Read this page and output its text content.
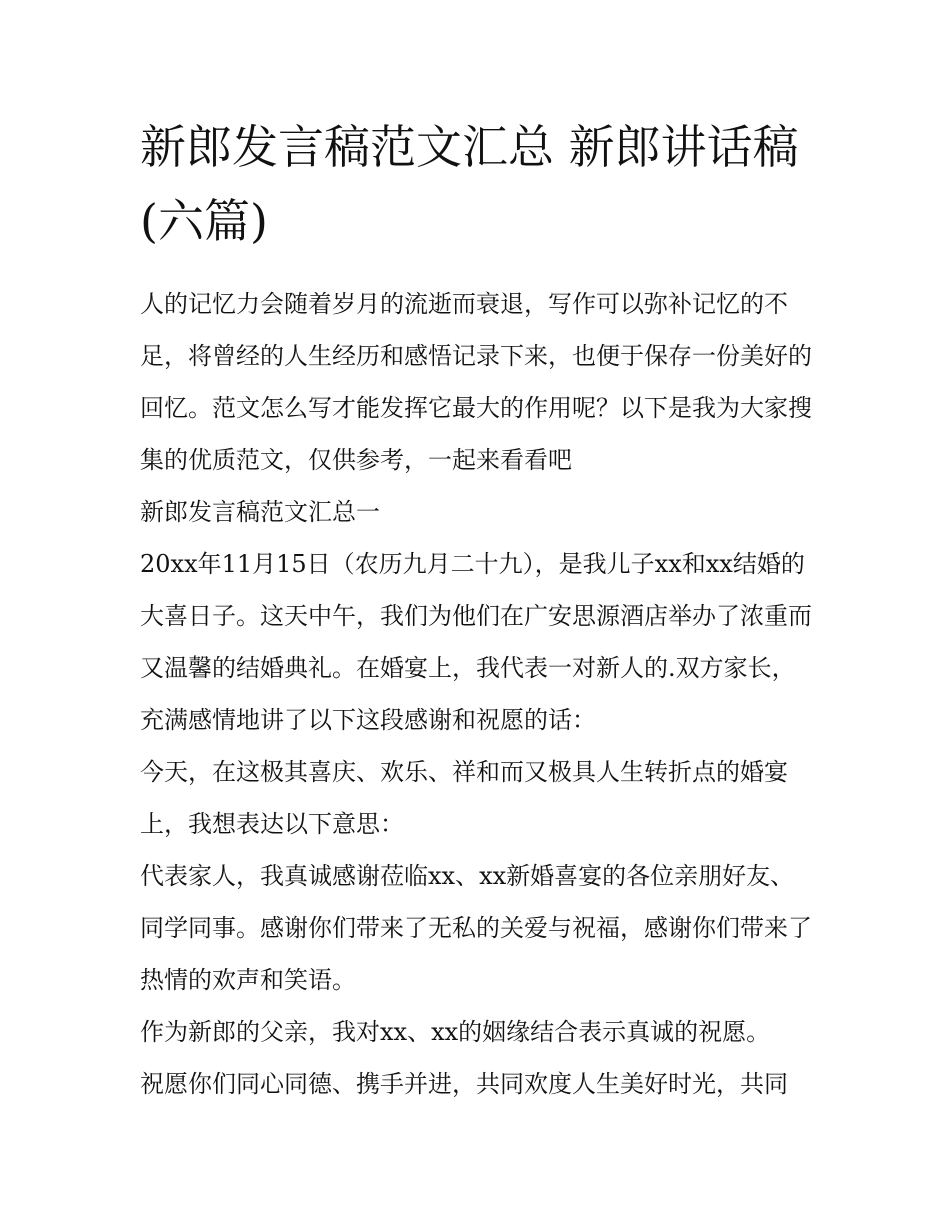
新郎发言稿范文汇总 新郎讲话稿(六篇)

人的记忆力会随着岁月的流逝而衰退，写作可以弥补记忆的不足，将曾经的人生经历和感悟记录下来，也便于保存一份美好的回忆。范文怎么写才能发挥它最大的作用呢？以下是我为大家搜集的优质范文，仅供参考，一起来看看吧

新郎发言稿范文汇总一

20xx年11月15日（农历九月二十九），是我儿子xx和xx结婚的大喜日子。这天中午，我们为他们在广安思源酒店举办了浓重而又温馨的结婚典礼。在婚宴上，我代表一对新人的.双方家长，充满感情地讲了以下这段感谢和祝愿的话：

今天，在这极其喜庆、欢乐、祥和而又极具人生转折点的婚宴上，我想表达以下意思：

代表家人，我真诚感谢莅临xx、xx新婚喜宴的各位亲朋好友、同学同事。感谢你们带来了无私的关爱与祝福，感谢你们带来了热情的欢声和笑语。

作为新郎的父亲，我对xx、xx的姻缘结合表示真诚的祝愿。

祝愿你们同心同德、携手并进，共同欢度人生美好时光，共同
